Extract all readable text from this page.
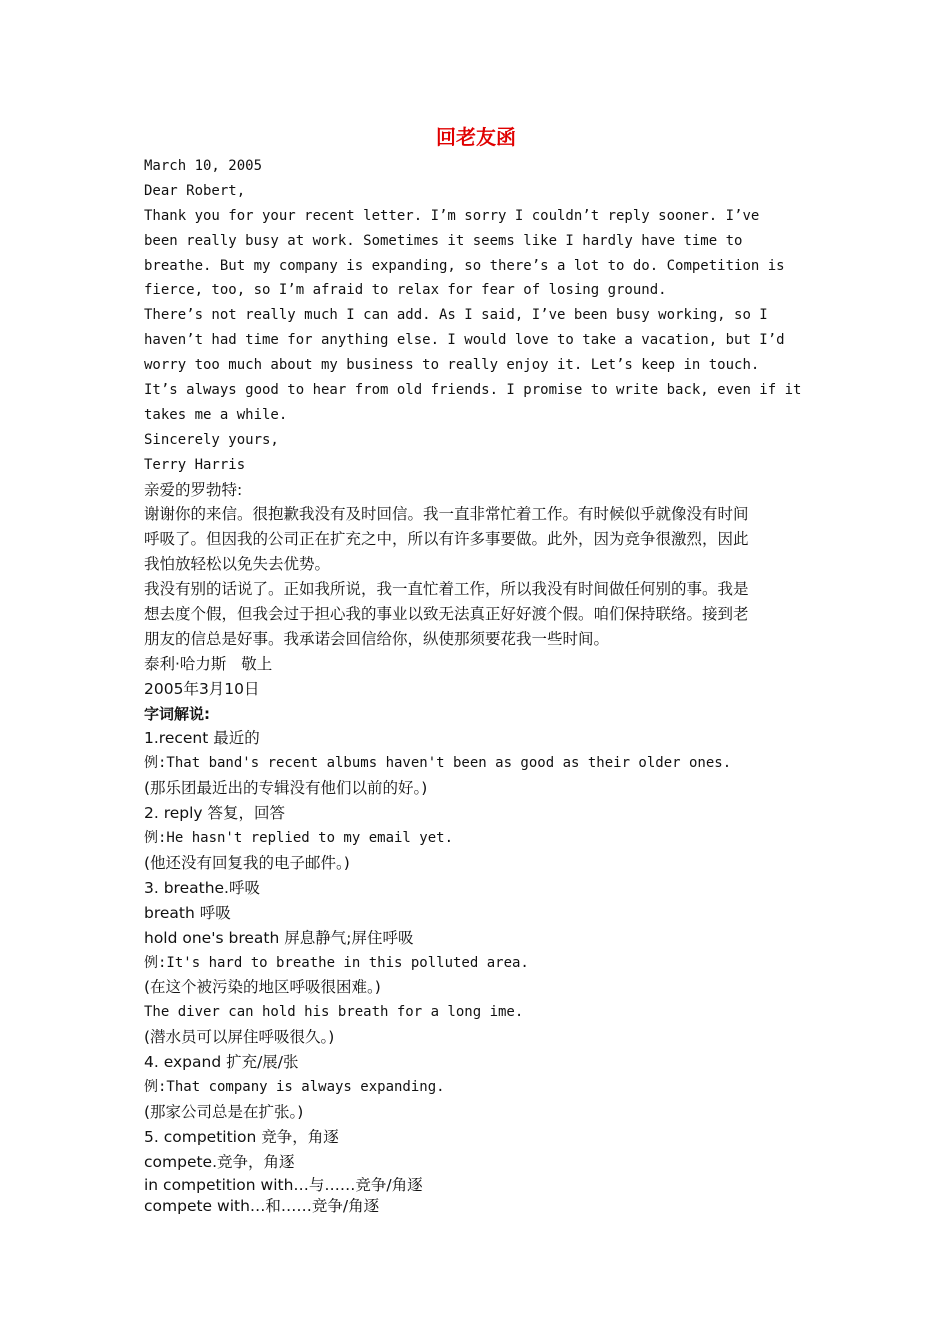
回老友函
March 10, 2005
Dear Robert,
Thank you for your recent letter. I’m sorry I couldn’t reply sooner. I’ve
been really busy at work. Sometimes it seems like I hardly have time to
breathe. But my company is expanding, so there’s a lot to do. Competition is
fierce, too, so I’m afraid to relax for fear of losing ground.
There’s not really much I can add. As I said, I’ve been busy working, so I
haven’t had time for anything else. I would love to take a vacation, but I’d
worry too much about my business to really enjoy it. Let’s keep in touch.
It’s always good to hear from old friends. I promise to write back, even if it
takes me a while.
Sincerely yours,
Terry Harris
亲爱的罗勃特:
谢谢你的来信。很抱歉我没有及时回信。我一直非常忙着工作。有时候似乎就像没有时间
呼吸了。但因我的公司正在扩充之中，所以有许多事要做。此外，因为竞争很激烈，因此
我怕放轻松以免失去优势。
我没有别的话说了。正如我所说，我一直忙着工作，所以我没有时间做任何别的事。我是
想去度个假，但我会过于担心我的事业以致无法真正好好渡个假。咱们保持联络。接到老
朋友的信总是好事。我承诺会回信给你，纵使那须要花我一些时间。
泰利·哈力斯   敬上
2005年3月10日
字词解说:
1.recent 最近的
例:That band's recent albums haven't been as good as their older ones.
(那乐团最近出的专辑没有他们以前的好。)
2. reply 答复，回答
例:He hasn't replied to my email yet.
(他还没有回复我的电子邮件。)
3. breathe.呼吸
breath 呼吸
hold one's breath 屏息静气;屏住呼吸
例:It's hard to breathe in this polluted area.
(在这个被污染的地区呼吸很困难。)
The diver can hold his breath for a long ime.
(潜水员可以屏住呼吸很久。)
4. expand 扩充/展/张
例:That company is always expanding.
(那家公司总是在扩张。)
5. competition 竞争，角逐
compete.竞争，角逐
in competition with…与……竞争/角逐
compete with…和……竞争/角逐
